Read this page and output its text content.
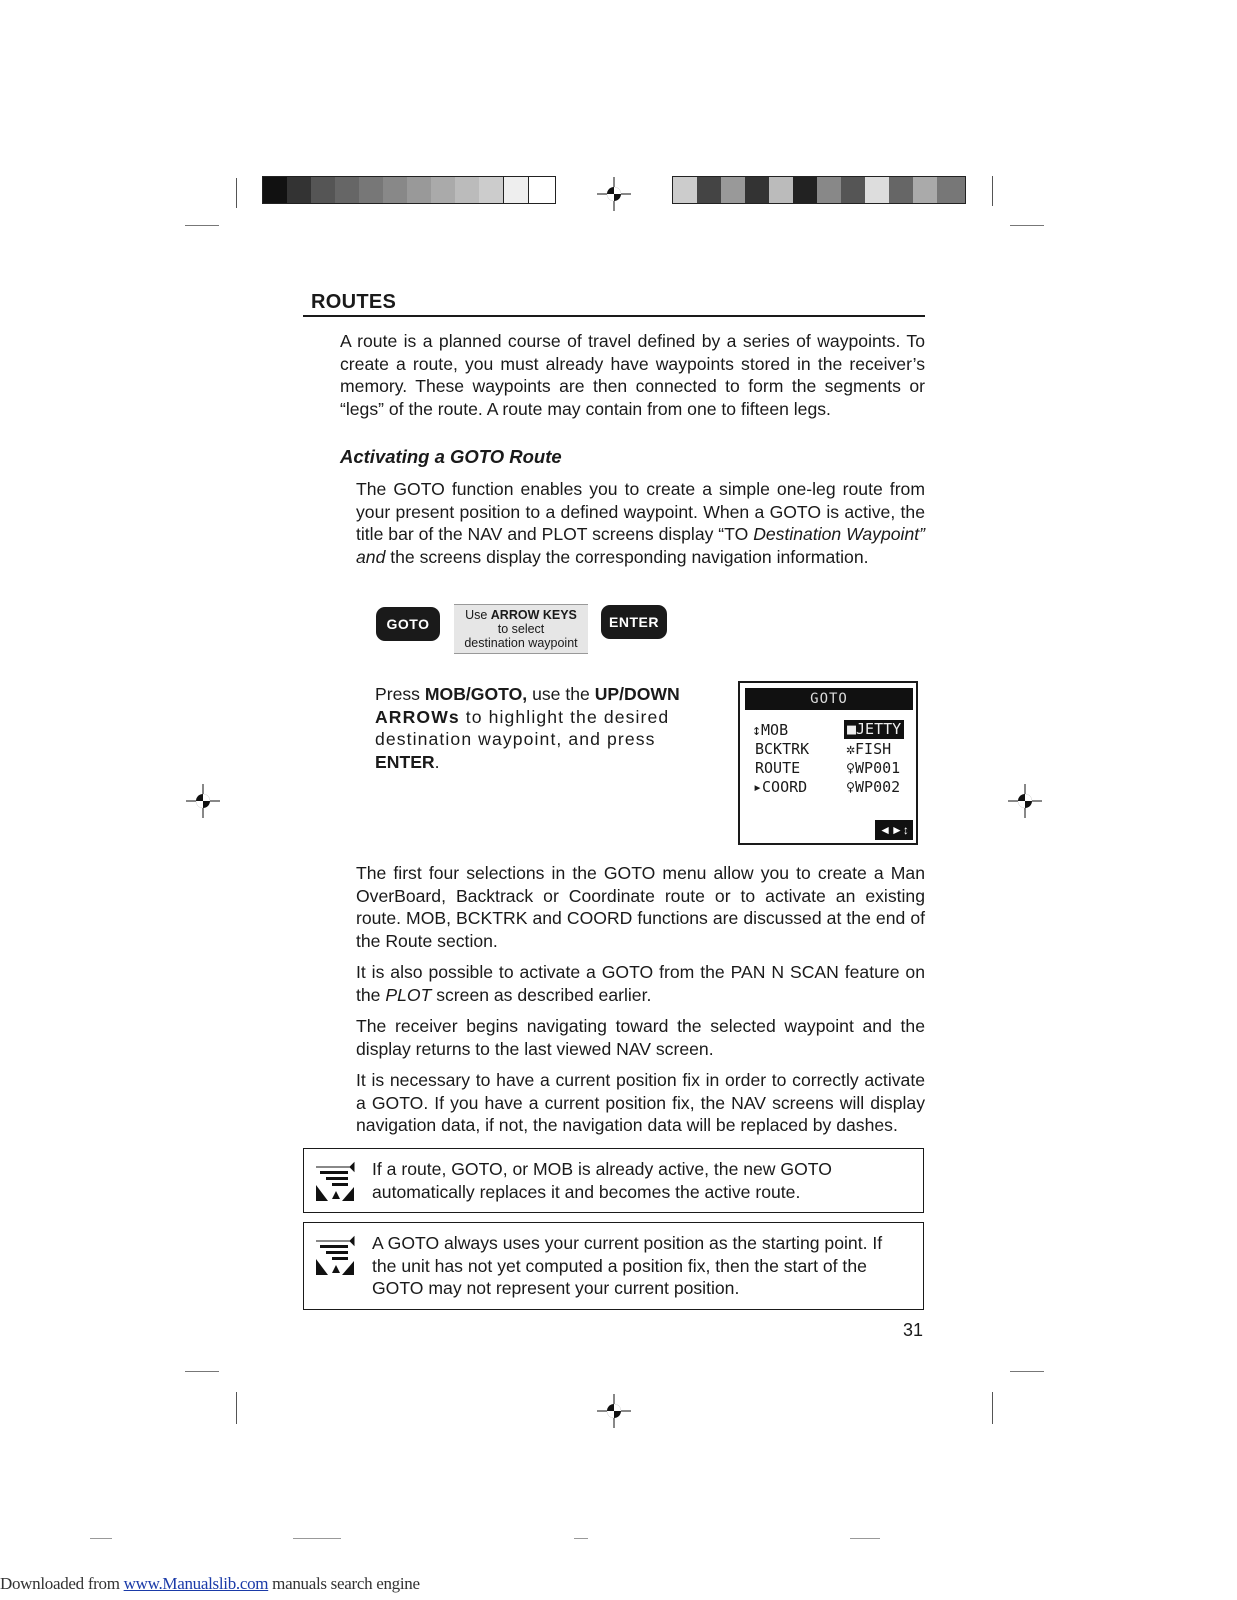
ROUTES

A route is a planned course of travel defined by a series of waypoints. To create a route, you must already have waypoints stored in the receiver’s memory. These waypoints are then connected to form the segments or “legs” of the route. A route may contain from one to fifteen legs.

Activating a GOTO Route

The GOTO function enables you to create a simple one-leg route from your present position to a defined waypoint. When a GOTO is active, the title bar of the NAV and PLOT screens display “TO Destination Waypoint” and the screens display the corresponding navigation information.

GOTO
Use ARROW KEYS
to select
destination waypoint
ENTER
Press MOB/GOTO, use the UP/DOWN ARROWs to highlight the desired destination waypoint, and press ENTER.
GOTO
↕MOB
BCKTRK
ROUTE
▸COORD
■JETTY
✲FISH
♀WP001
♀WP002
◄►↕

The first four selections in the GOTO menu allow you to create a Man OverBoard, Backtrack or Coordinate route or to activate an existing route. MOB, BCKTRK and COORD functions are discussed at the end of the Route section.

It is also possible to activate a GOTO from the PAN N SCAN feature on the PLOT screen as described earlier.

The receiver begins navigating toward the selected waypoint and the display returns to the last viewed NAV screen.

It is necessary to have a current position fix in order to correctly activate a GOTO. If you have a current position fix, the NAV screens will display navigation data, if not, the navigation data will be replaced by dashes.

If a route, GOTO, or MOB is already active, the new GOTO automatically replaces it and becomes the active route.
A GOTO always uses your current position as the starting point. If the unit has not yet computed a position fix, then the start of the GOTO may not represent your current position.
31
Downloaded from www.Manualslib.com manuals search engine
